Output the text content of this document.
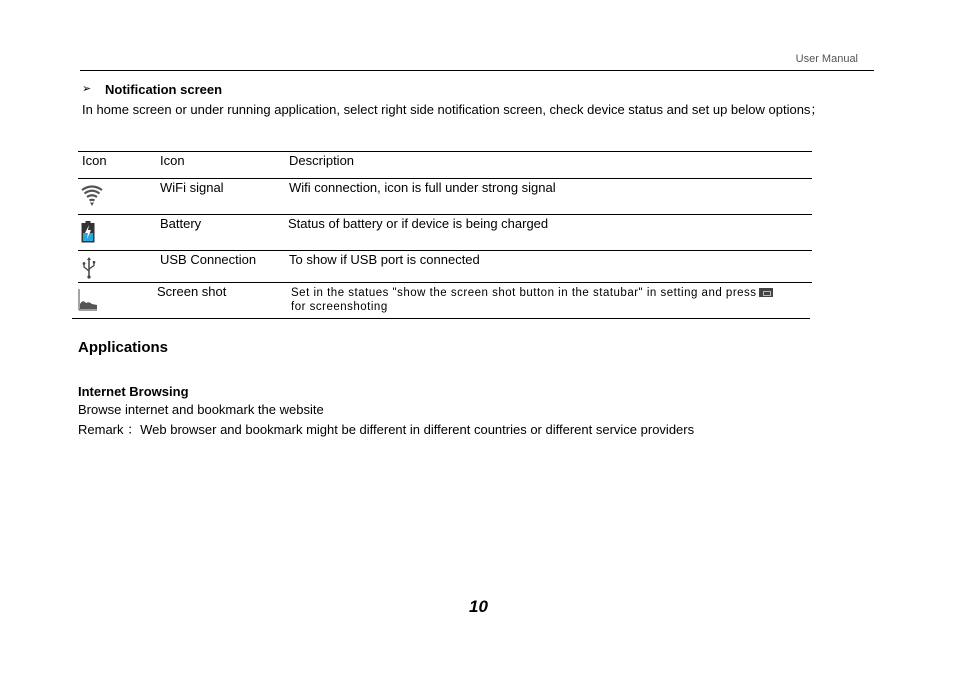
User Manual
➢ Notification screen
In home screen or under running application, select right side notification screen, check device status and set up below options；
Icon	Icon	Description
WiFi signal	Wifi connection, icon is full under strong signal
Battery	Status of battery or if device is being charged
USB Connection	To show if USB port is connected
Screen shot	Set in the statues "show the screen shot button in the statubar" in setting and press
for screenshoting
Applications
Internet Browsing
Browse internet and bookmark the website
Remark ：Web browser and bookmark might be different in different countries or different service providers
10
